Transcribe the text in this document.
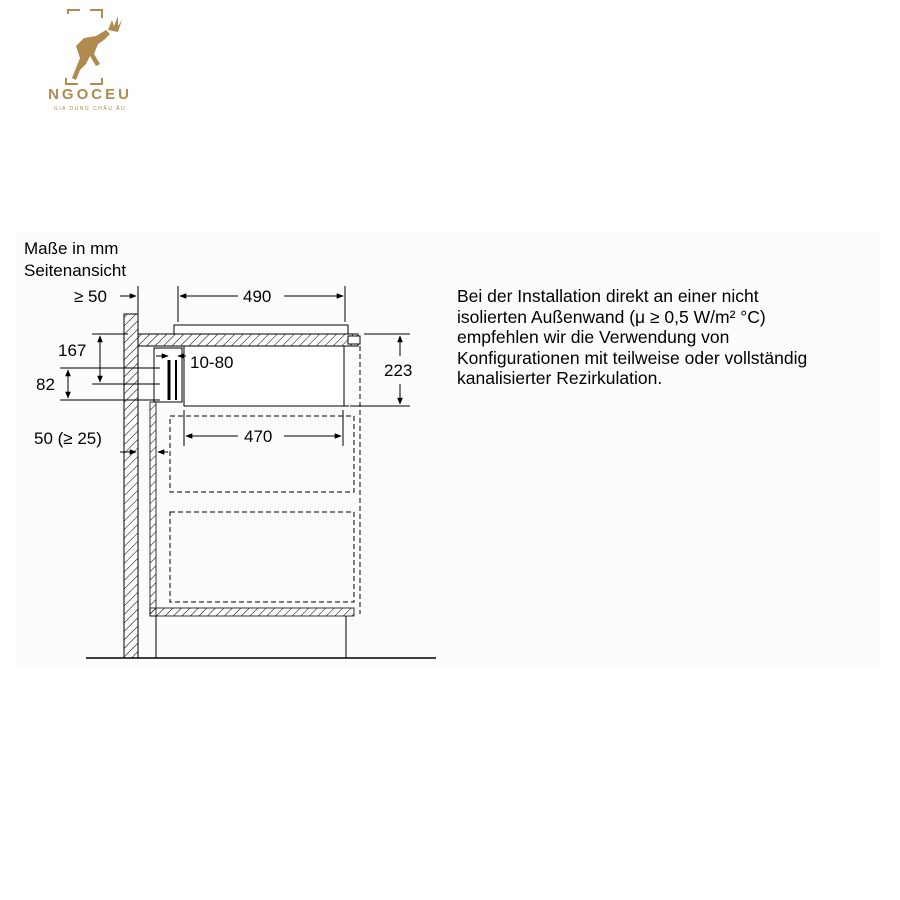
NGOCEU
GIA DUNG CHÂU ÂU
Maße in mm
Seitenansicht
≥ 50	490
167
10-80
82
223
470
50 (≥ 25)

Bei der Installation direkt an einer nicht

isolierten Außenwand (μ ≥ 0,5 W/m² °C)

empfehlen wir die Verwendung von

Konfigurationen mit teilweise oder vollständig

kanalisierter Rezirkulation.
